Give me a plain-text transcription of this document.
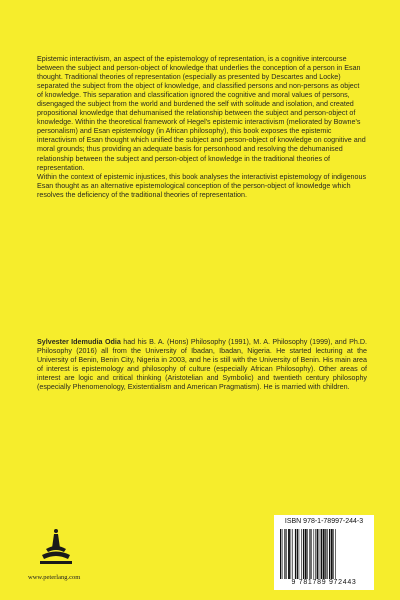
Epistemic interactivism, an aspect of the epistemology of representation, is a cognitive intercourse between the subject and person-object of knowledge that underlies the conception of a person in Esan thought. Traditional theories of representation (especially as presented by Descartes and Locke) separated the subject from the object of knowledge, and classified persons and non-persons as object of knowledge. This separation and classification ignored the cognitive and moral values of persons, disengaged the subject from the world and burdened the self with solitude and isolation, and created propositional knowledge that dehumanised the relationship between the subject and person-object of knowledge. Within the theoretical framework of Hegel's epistemic interactivism (meliorated by Bowne's personalism) and Esan epistemology (in African philosophy), this book exposes the epistemic interactivism of Esan thought which unified the subject and person-object of knowledge on cognitive and moral grounds; thus providing an adequate basis for personhood and resolving the dehumanised relationship between the subject and person-object of knowledge in the traditional theories of representation.

Within the context of epistemic injustices, this book analyses the interactivist epistemology of indigenous Esan thought as an alternative epistemological conception of the person-object of knowledge which resolves the deficiency of the traditional theories of representation.

Sylvester Idemudia Odia had his B. A. (Hons) Philosophy (1991), M. A. Philosophy (1999), and Ph.D. Philosophy (2016) all from the University of Ibadan, Ibadan, Nigeria. He started lecturing at the University of Benin, Benin City, Nigeria in 2003, and he is still with the University of Benin. His main area of interest is epistemology and philosophy of culture (especially African Philosophy). Other areas of interest are logic and critical thinking (Aristotelian and Symbolic) and twentieth century philosophy (especially Phenomenology, Existentialism and American Pragmatism). He is married with children.
www.peterlang.com
ISBN 978-1-78997-244-3
9 781789 972443
